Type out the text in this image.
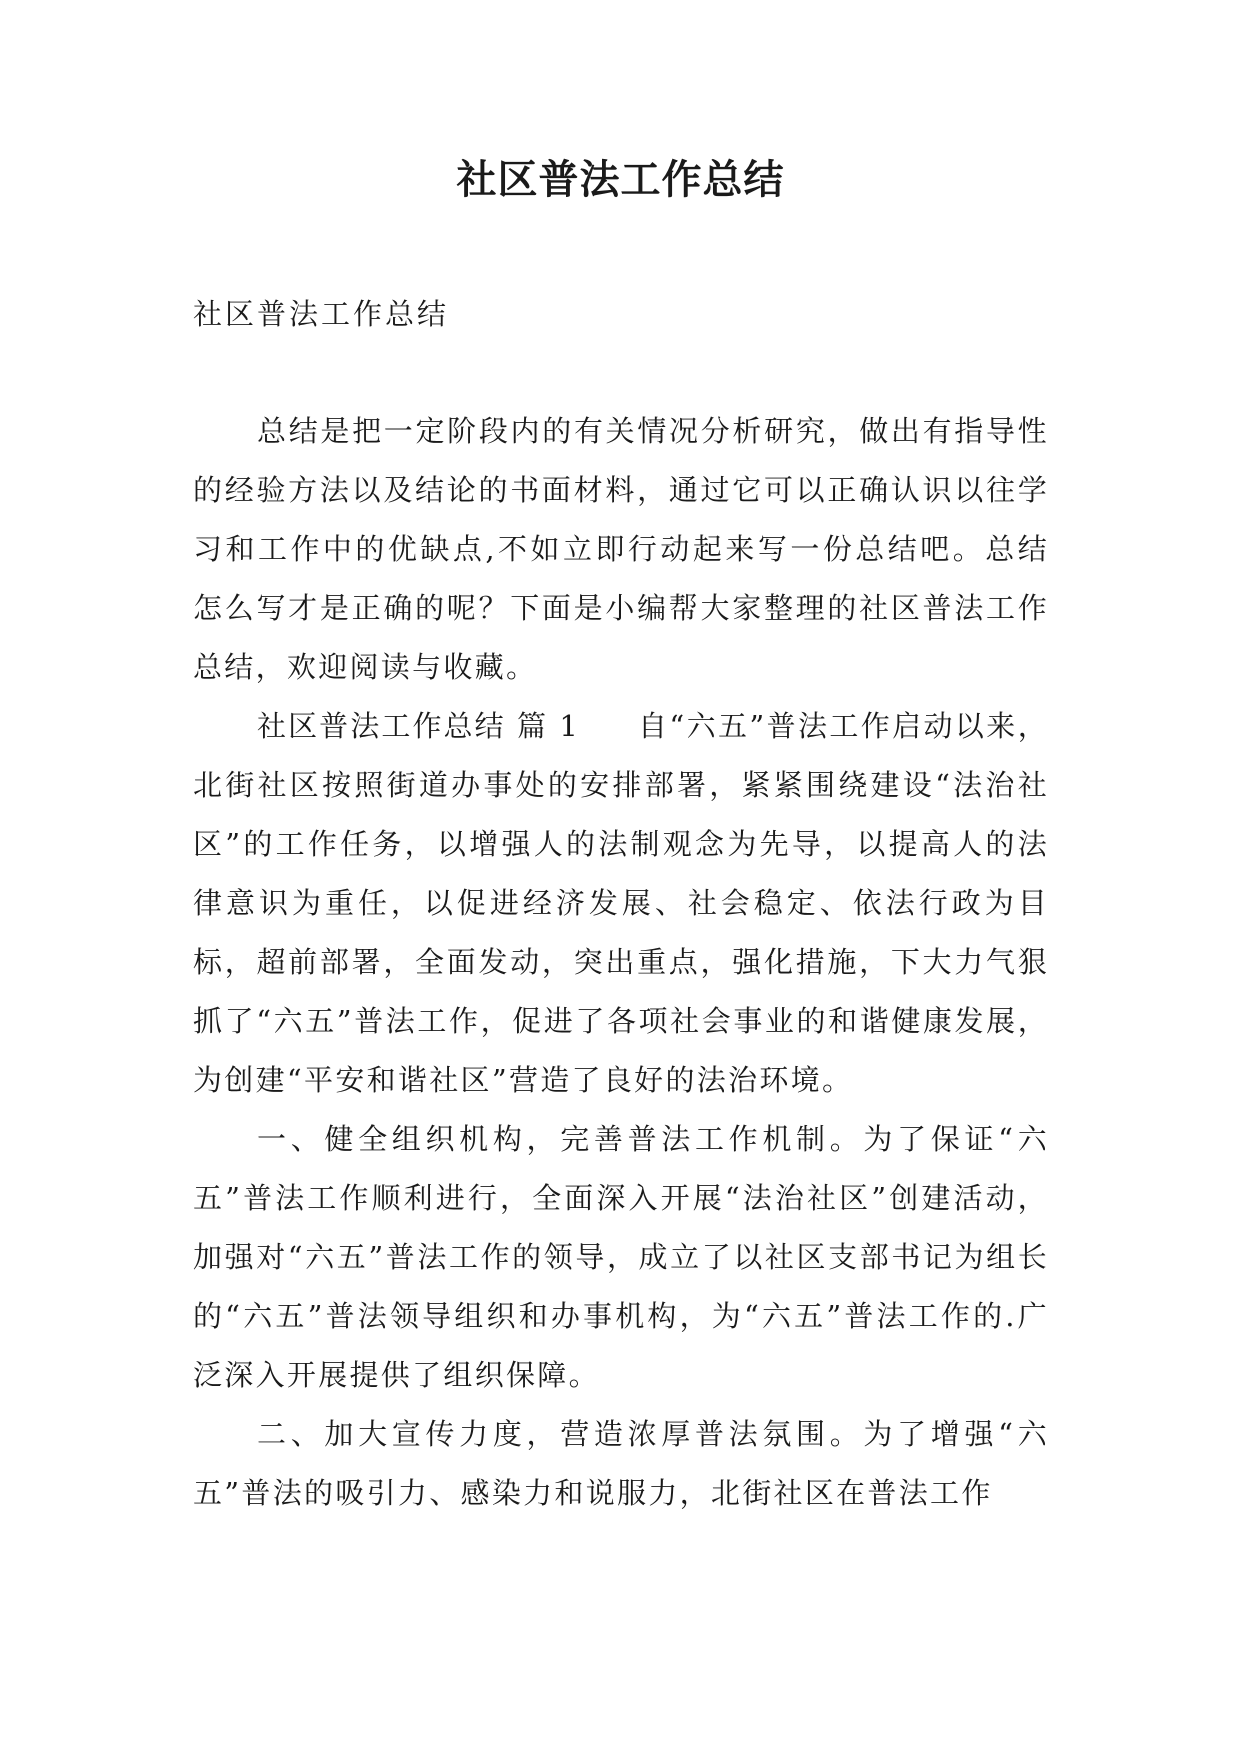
社区普法工作总结
社区普法工作总结

总结是把一定阶段内的有关情况分析研究，做出有指导性的经验方法以及结论的书面材料，通过它可以正确认识以往学习和工作中的优缺点,不如立即行动起来写一份总结吧。总结怎么写才是正确的呢？下面是小编帮大家整理的社区普法工作总结，欢迎阅读与收藏。

社区普法工作总结 篇 1 自“六五”普法工作启动以来，北街社区按照街道办事处的安排部署，紧紧围绕建设“法治社区”的工作任务，以增强人的法制观念为先导，以提高人的法律意识为重任，以促进经济发展、社会稳定、依法行政为目标，超前部署，全面发动，突出重点，强化措施，下大力气狠抓了“六五”普法工作，促进了各项社会事业的和谐健康发展，为创建“平安和谐社区”营造了良好的法治环境。

一、健全组织机构，完善普法工作机制。为了保证“六五”普法工作顺利进行，全面深入开展“法治社区”创建活动，加强对“六五”普法工作的领导，成立了以社区支部书记为组长的“六五”普法领导组织和办事机构，为“六五”普法工作的.广泛深入开展提供了组织保障。

二、加大宣传力度，营造浓厚普法氛围。为了增强“六五”普法的吸引力、感染力和说服力，北街社区在普法工作
